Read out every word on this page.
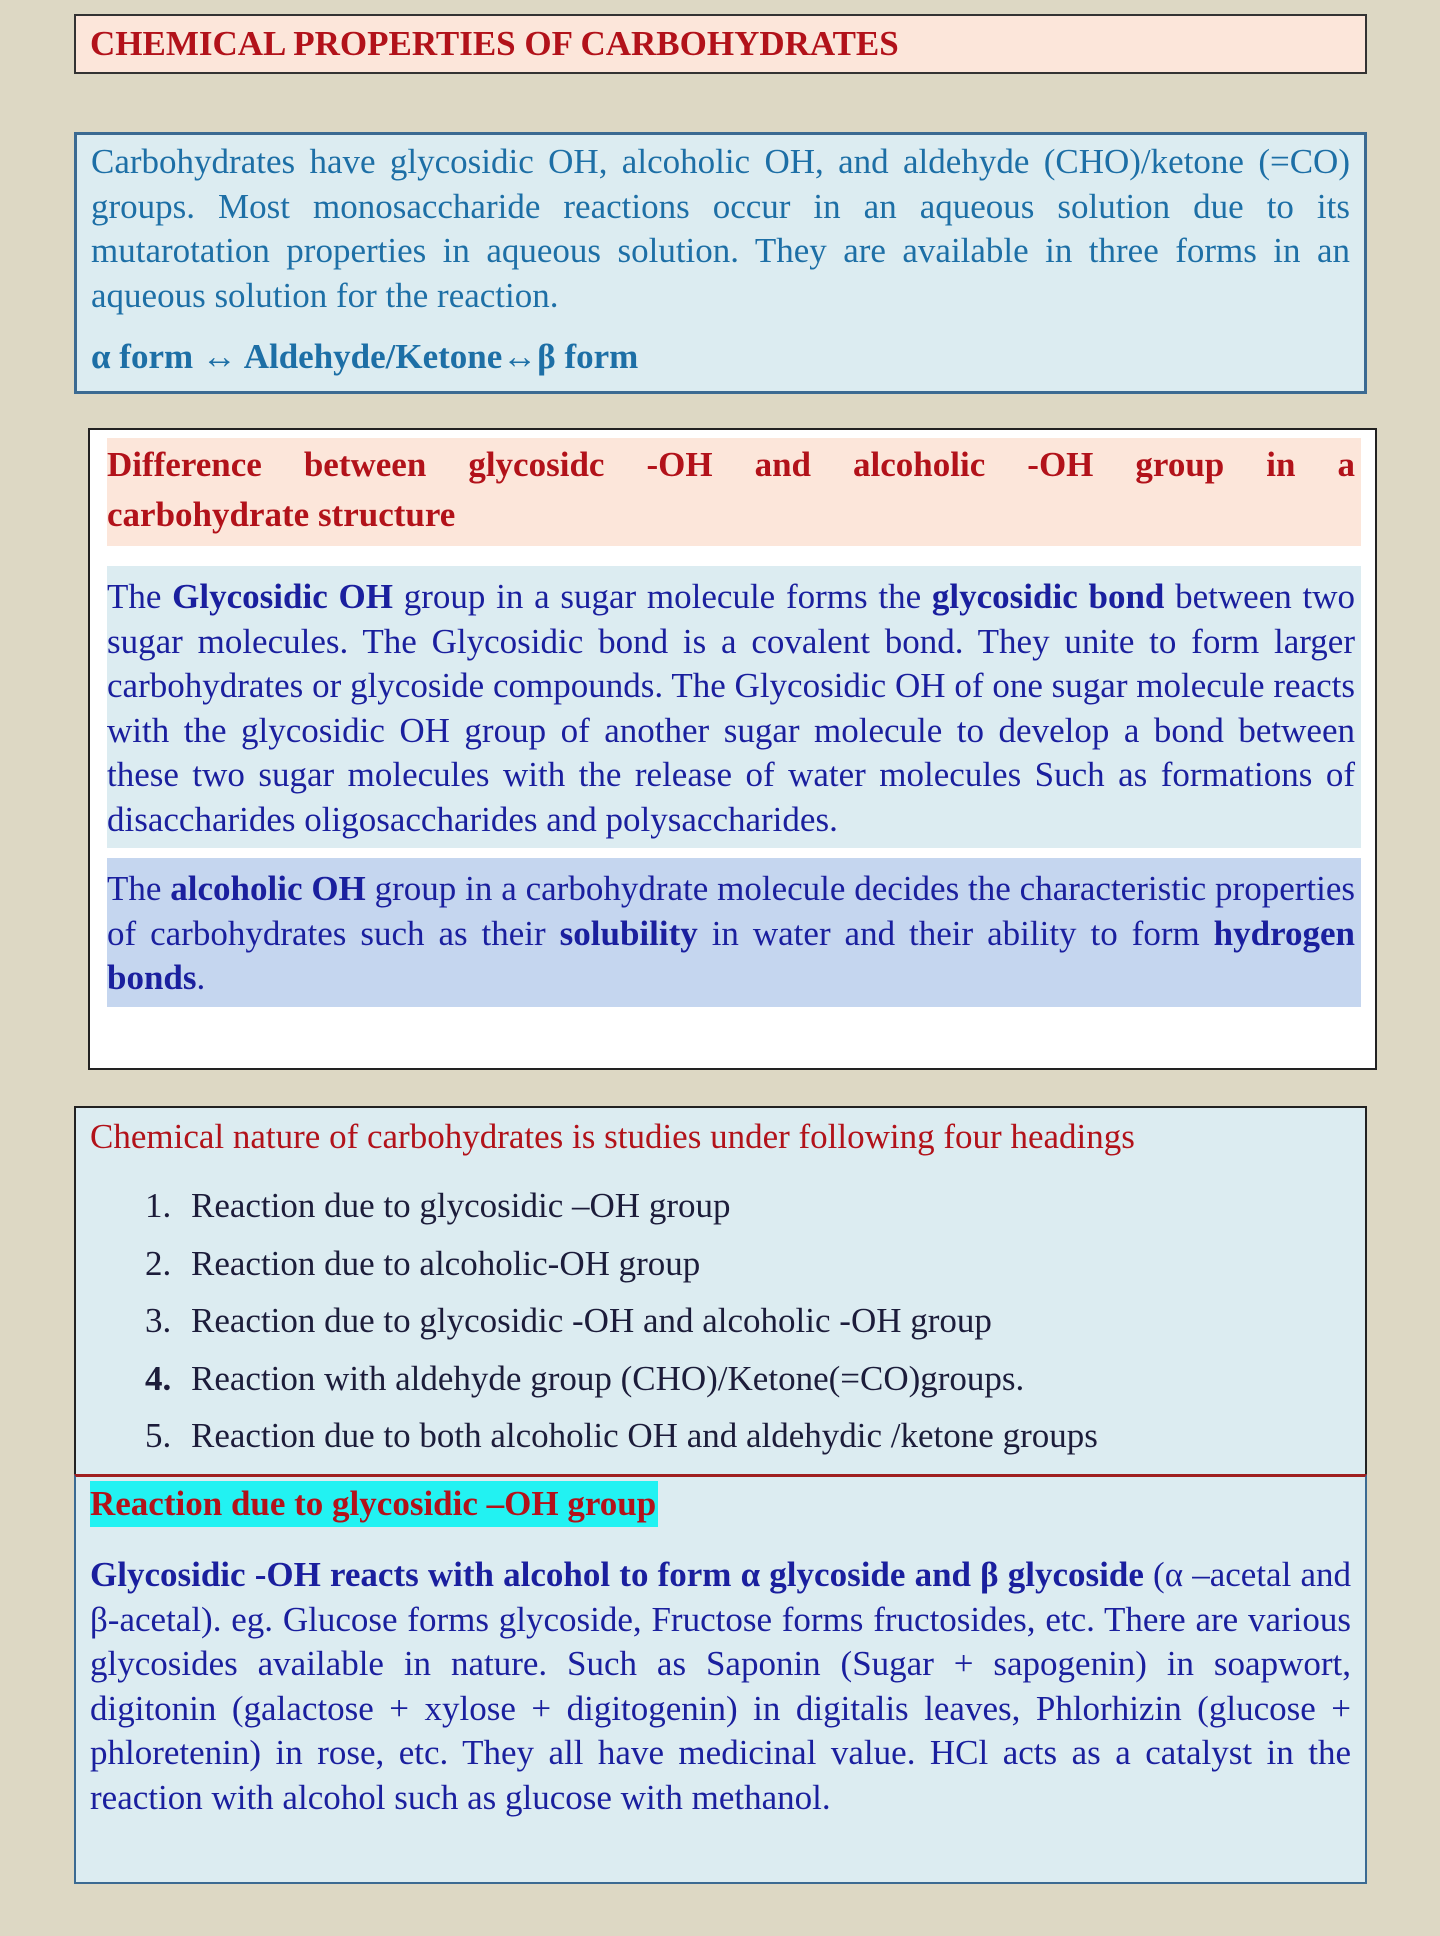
CHEMICAL PROPERTIES OF CARBOHYDRATES

Carbohydrates have glycosidic OH, alcoholic OH, and aldehyde (CHO)/ketone (=CO) groups. Most monosaccharide reactions occur in an aqueous solution due to its mutarotation properties in aqueous solution. They are available in three forms in an aqueous solution for the reaction.

α form ↔ Aldehyde/Ketone↔β form

Difference between glycosidc -OH and alcoholic -OH group in a
carbohydrate structure
The Glycosidic OH group in a sugar molecule forms the glycosidic bond between two sugar molecules. The Glycosidic bond is a covalent bond. They unite to form larger carbohydrates or glycoside compounds. The Glycosidic OH of one sugar molecule reacts with the glycosidic OH group of another sugar molecule to develop a bond between these two sugar molecules with the release of water molecules Such as formations of disaccharides oligosaccharides and polysaccharides.
The alcoholic OH group in a carbohydrate molecule decides the characteristic properties of carbohydrates such as their solubility in water and their ability to form hydrogen bonds.

Chemical nature of carbohydrates is studies under following four headings

1. Reaction due to glycosidic –OH group
2. Reaction due to alcoholic-OH group
3. Reaction due to glycosidic -OH and alcoholic -OH group
4. Reaction with aldehyde group (CHO)/Ketone(=CO)groups.
5. Reaction due to both alcoholic OH and aldehydic /ketone groups
Reaction due to glycosidic –OH group

Glycosidic -OH reacts with alcohol to form α glycoside and β glycoside (α –acetal and β-acetal). eg. Glucose forms glycoside, Fructose forms fructosides, etc. There are various glycosides available in nature. Such as Saponin (Sugar + sapogenin) in soapwort, digitonin (galactose + xylose + digitogenin) in digitalis leaves, Phlorhizin (glucose + phloretenin) in rose, etc. They all have medicinal value. HCl acts as a catalyst in the reaction with alcohol such as glucose with methanol.
